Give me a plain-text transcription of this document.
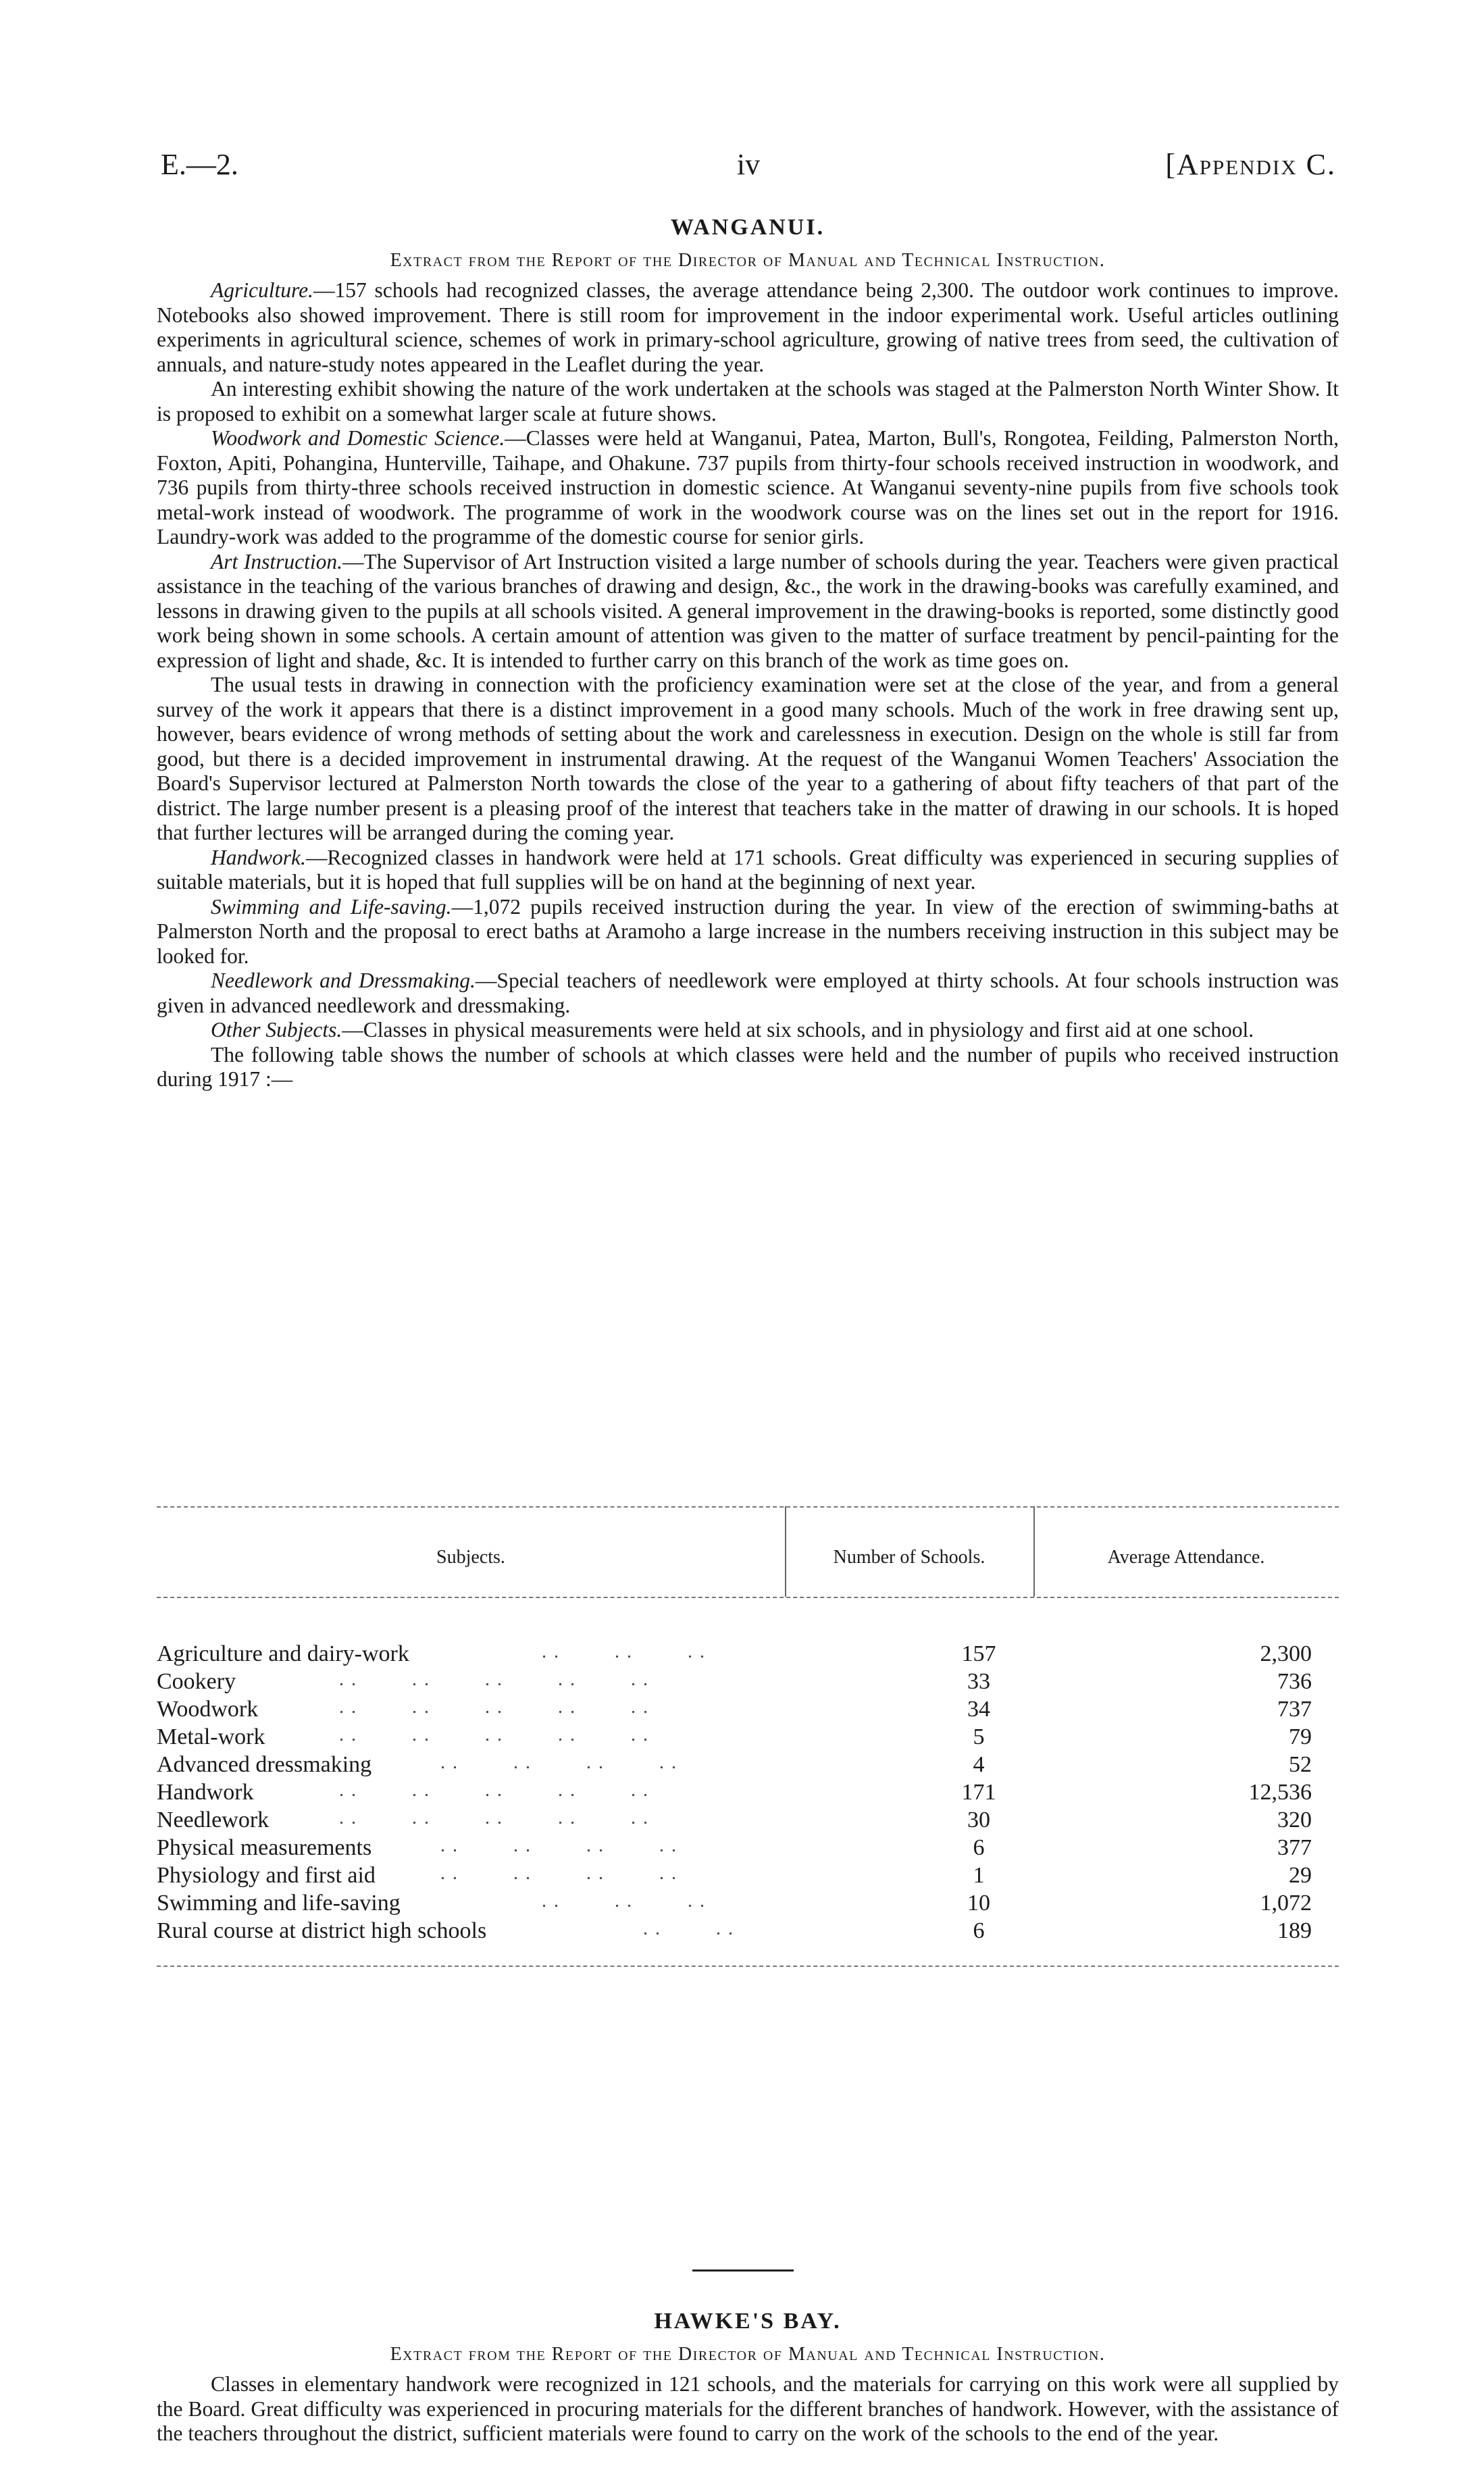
E.—2.	iv	[Appendix C.
WANGANUI.

Extract from the Report of the Director of Manual and Technical Instruction.

Agriculture.—157 schools had recognized classes, the average attendance being 2,300. The outdoor work continues to improve. Notebooks also showed improvement. There is still room for improvement in the indoor experimental work. Useful articles outlining experiments in agricultural science, schemes of work in primary-school agriculture, growing of native trees from seed, the cultivation of annuals, and nature-study notes appeared in the Leaflet during the year.

An interesting exhibit showing the nature of the work undertaken at the schools was staged at the Palmerston North Winter Show. It is proposed to exhibit on a somewhat larger scale at future shows.

Woodwork and Domestic Science.—Classes were held at Wanganui, Patea, Marton, Bull's, Rongotea, Feilding, Palmerston North, Foxton, Apiti, Pohangina, Hunterville, Taihape, and Ohakune. 737 pupils from thirty-four schools received instruction in woodwork, and 736 pupils from thirty-three schools received instruction in domestic science. At Wanganui seventy-nine pupils from five schools took metal-work instead of woodwork. The programme of work in the woodwork course was on the lines set out in the report for 1916. Laundry-work was added to the programme of the domestic course for senior girls.

Art Instruction.—The Supervisor of Art Instruction visited a large number of schools during the year. Teachers were given practical assistance in the teaching of the various branches of drawing and design, &c., the work in the drawing-books was carefully examined, and lessons in drawing given to the pupils at all schools visited. A general improvement in the drawing-books is reported, some distinctly good work being shown in some schools. A certain amount of attention was given to the matter of surface treatment by pencil-painting for the expression of light and shade, &c. It is intended to further carry on this branch of the work as time goes on.

The usual tests in drawing in connection with the proficiency examination were set at the close of the year, and from a general survey of the work it appears that there is a distinct improvement in a good many schools. Much of the work in free drawing sent up, however, bears evidence of wrong methods of setting about the work and carelessness in execution. Design on the whole is still far from good, but there is a decided improvement in instrumental drawing. At the request of the Wanganui Women Teachers' Association the Board's Supervisor lectured at Palmerston North towards the close of the year to a gathering of about fifty teachers of that part of the district. The large number present is a pleasing proof of the interest that teachers take in the matter of drawing in our schools. It is hoped that further lectures will be arranged during the coming year.

Handwork.—Recognized classes in handwork were held at 171 schools. Great difficulty was experienced in securing supplies of suitable materials, but it is hoped that full supplies will be on hand at the beginning of next year.

Swimming and Life-saving.—1,072 pupils received instruction during the year. In view of the erection of swimming-baths at Palmerston North and the proposal to erect baths at Aramoho a large increase in the numbers receiving instruction in this subject may be looked for.

Needlework and Dressmaking.—Special teachers of needlework were employed at thirty schools. At four schools instruction was given in advanced needlework and dressmaking.

Other Subjects.—Classes in physical measurements were held at six schools, and in physiology and first aid at one school.

The following table shows the number of schools at which classes were held and the number of pupils who received instruction during 1917 :—

Subjects.	Number of Schools.	Average Attendance.
Agriculture and dairy-work	. .         . .         . .	157	2,300
Cookery	. .         . .         . .         . .         . .	33	736
Woodwork	. .         . .         . .         . .         . .	34	737
Metal-work	. .         . .         . .         . .         . .	5	79
Advanced dressmaking	. .         . .         . .         . .	4	52
Handwork	. .         . .         . .         . .         . .	171	12,536
Needlework	. .         . .         . .         . .         . .	30	320
Physical measurements	. .         . .         . .         . .	6	377
Physiology and first aid	. .         . .         . .         . .	1	29
Swimming and life-saving	. .         . .         . .	10	1,072
Rural course at district high schools	. .         . .	6	189
HAWKE'S BAY.

Extract from the Report of the Director of Manual and Technical Instruction.

Classes in elementary handwork were recognized in 121 schools, and the materials for carrying on this work were all supplied by the Board. Great difficulty was experienced in procuring materials for the different branches of handwork. However, with the assistance of the teachers throughout the district, sufficient materials were found to carry on the work of the schools to the end of the year.
